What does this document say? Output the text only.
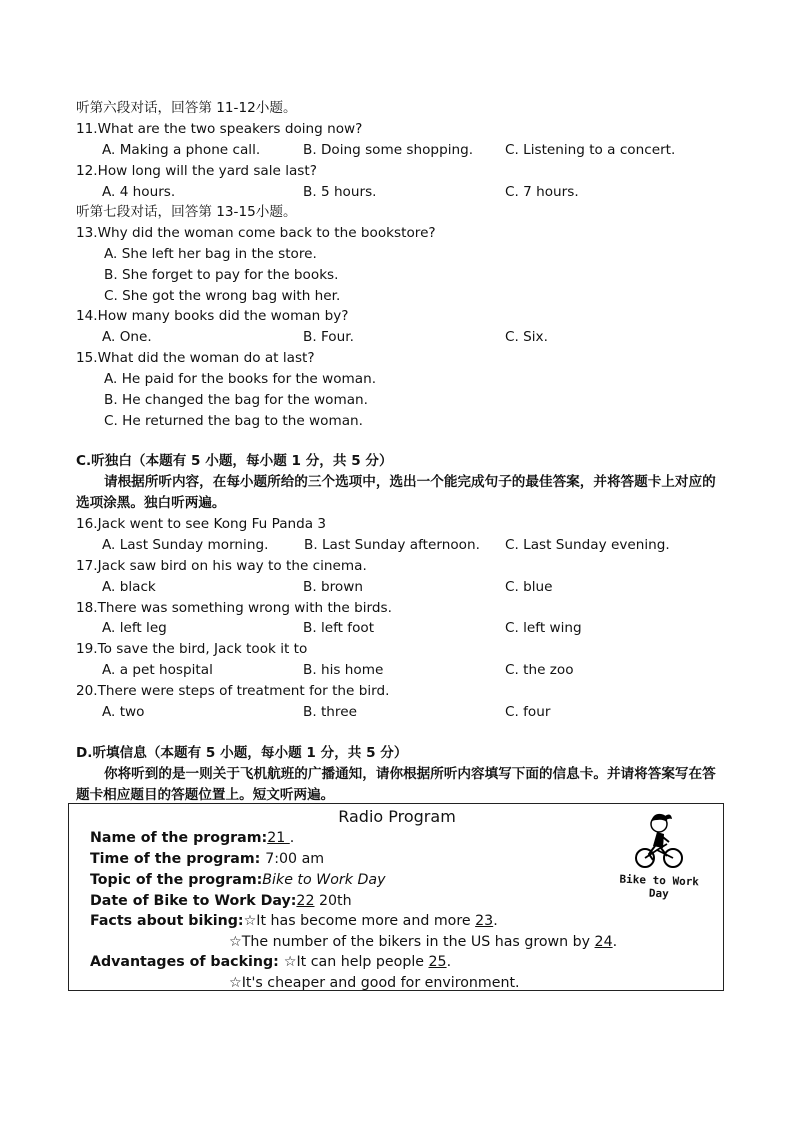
听第六段对话，回答第 11-12小题。
11.What are the two speakers doing now?
A. Making a phone call.	B. Doing some shopping. C. Listening to a concert.
12.How long will the yard sale last?
A. 4 hours.	B. 5 hours.	C. 7 hours.
听第七段对话，回答第 13-15小题。
13.Why did the woman come back to the bookstore?
A. She left her bag in the store.
B. She forget to pay for the books.
C. She got the wrong bag with her.
14.How many books did the woman by?
A. One.	B. Four.	C. Six.
15.What did the woman do at last?
A. He paid for the books for the woman.
B. He changed the bag for the woman.
C. He returned the bag to the woman.
C.听独白（本题有 5 小题，每小题 1 分，共 5 分）
请根据所听内容，在每小题所给的三个选项中，选出一个能完成句子的最佳答案，并将答题卡上对应的选项涂黑。独白听两遍。
16.Jack went to see Kong Fu Panda 3
A. Last Sunday morning.	B. Last Sunday afternoon. C. Last Sunday evening.
17.Jack saw bird on his way to the cinema.
A. black	B. brown	C. blue
18.There was something wrong with the birds.
A. left leg	B. left foot	C. left wing
19.To save the bird, Jack took it to
A. a pet hospital	B. his home	C. the zoo
20.There were steps of treatment for the bird.
A. two	B. three	C. four
D.听填信息（本题有 5 小题，每小题 1 分，共 5 分）
你将听到的是一则关于飞机航班的广播通知，请你根据所听内容填写下面的信息卡。并请将答案写在答题卡相应题目的答题位置上。短文听两遍。
Radio Program
Name of the program:21 .
Time of the program: 7:00 am
Topic of the program:Bike to Work Day
Date of Bike to Work Day:22 20th
Facts about biking:☆It has become more and more 23.
☆The number of the bikers in the US has grown by 24.
Advantages of backing: ☆It can help people 25.
☆It's cheaper and good for environment.
Bike to Work Day
